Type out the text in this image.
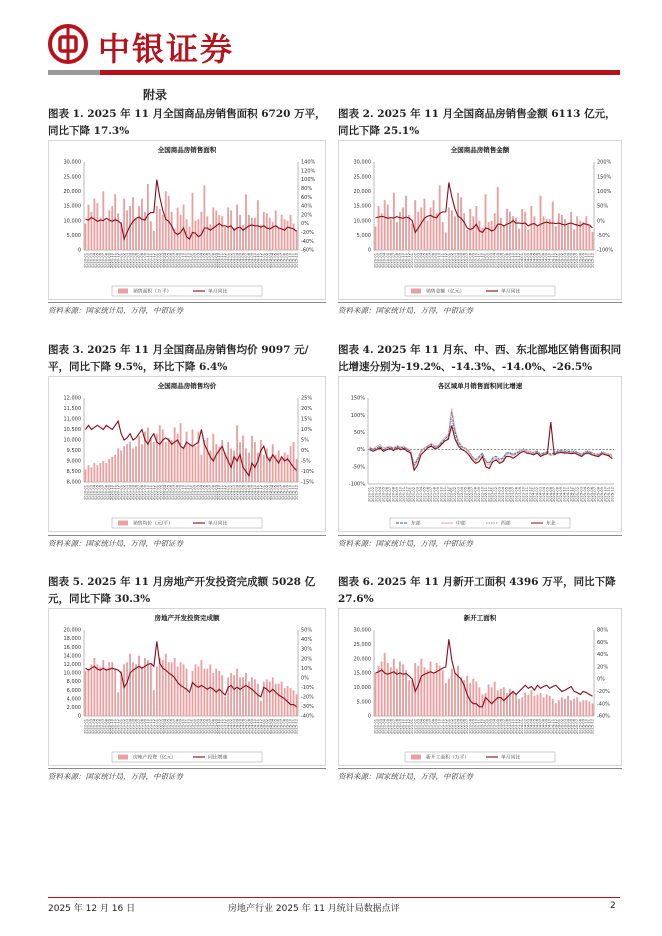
中银证券
附录
图表 1. 2025 年 11 月全国商品房销售面积 6720 万平，同比下降 17.3%
图表 2. 2025 年 11 月全国商品房销售金额 6113 亿元，同比下降 25.1%
图表 3. 2025 年 11 月全国商品房销售均价 9097 元/平，同比下降 9.5%，环比下降 6.4%
图表 4. 2025 年 11 月东、中、西、东北部地区销售面积同比增速分别为-19.2%、-14.3%、-14.0%、-26.5%
图表 5. 2025 年 11 月房地产开发投资完成额 5028 亿元，同比下降 30.3%
图表 6. 2025 年 11 月新开工面积 4396 万平，同比下降 27.6%
全国商品房销售面积
0
5,000
10,000
15,000
20,000
25,000
30,000
-60%
-40%
-20%
0%
20%
40%
60%
80%
100%
120%
140%
2020-01
2020-02
2020-03
2020-04
2020-05
2020-06
2020-07
2020-08
2020-09
2020-10
2020-11
2020-12
2021-01
2021-02
2021-03
2021-04
2021-05
2021-06
2021-07
2021-08
2021-09
2021-10
2021-11
2021-12
2022-01
2022-02
2022-03
2022-04
2022-05
2022-06
2022-07
2022-08
2022-09
2022-10
2022-11
2022-12
2023-01
2023-02
2023-03
2023-04
2023-05
2023-06
2023-07
2023-08
2023-09
2023-10
2023-11
2023-12
2024-01
2024-02
2024-03
2024-04
2024-05
2024-06
2024-07
2024-08
2024-09
2024-10
2024-11
2024-12
2025-01
2025-02
2025-03
2025-04
2025-05
2025-06
2025-07
2025-08
2025-09
2025-10
2025-11
2025-12
销售面积（万平）	单月同比
全国商品房销售金额
0
5,000
10,000
15,000
20,000
25,000
30,000
-100%
-50%
0%
50%
100%
150%
200%
2020-01 2020-02 2020-03 2020-04 2020-05 2020-06 2020-07 2020-08 2020-09 2020-10 2020-11 2020-12 2021-01 2021-02 2021-03 2021-04 2021-05 2021-06 2021-07 2021-08 2021-09 2021-10 2021-11 2021-12 2022-01 2022-02 2022-03 2022-04 2022-05 2022-06 2022-07 2022-08 2022-09 2022-10 2022-11 2022-12 2023-01 2023-02 2023-03 2023-04 2023-05 2023-06 2023-07 2023-08 2023-09 2023-10 2023-11 2023-12 2024-01 2024-02 2024-03 2024-04 2024-05 2024-06 2024-07 2024-08 2024-09 2024-10 2024-11 2024-12 2025-01 2025-02 2025-03 2025-04 2025-05 2025-06 2025-07 2025-08 2025-09 2025-10 2025-11 2025-12
销售金额（亿元）	单月同比
全国商品房销售均价
8,000
8,500
9,000
9,500
10,000
10,500
11,000
11,500
12,000
-15%
-10%
-5%
0%
5%
10%
15%
20%
25%
2020-01
2020-02
2020-03
2020-04
2020-05
2020-06
2020-07
2020-08
2020-09
2020-10
2020-11
2020-12
2021-01
2021-02
2021-03
2021-04
2021-05
2021-06
2021-07
2021-08
2021-09
2021-10
2021-11
2021-12
2022-01
2022-02
2022-03
2022-04
2022-05
2022-06
2022-07
2022-08
2022-09
2022-10
2022-11
2022-12
2023-01
2023-02
2023-03
2023-04
2023-05
2023-06
2023-07
2023-08
2023-09
2023-10
2023-11
2023-12
2024-01
2024-02
2024-03
2024-04
2024-05
2024-06
2024-07
2024-08
2024-09
2024-10
2024-11
2024-12
2025-01
2025-02
2025-03
2025-04
2025-05
2025-06
2025-07
2025-08
2025-09
2025-10
2025-11
2025-12
销售均价（元/平）	单月同比
各区域单月销售面积同比增速
-100%
-50%
0%
50%
100%
150%
2020-01 2020-02 2020-03 2020-04 2020-05 2020-06 2020-07 2020-08 2020-09 2020-10 2020-11 2020-12 2021-01 2021-02 2021-03 2021-04 2021-05 2021-06 2021-07 2021-08 2021-09 2021-10 2021-11 2021-12 2022-01 2022-02 2022-03 2022-04 2022-05 2022-06 2022-07 2022-08 2022-09 2022-10 2022-11 2022-12 2023-01 2023-02 2023-03 2023-04 2023-05 2023-06 2023-07 2023-08 2023-09 2023-10 2023-11 2023-12 2024-01 2024-02 2024-03 2024-04 2024-05 2024-06 2024-07 2024-08 2024-09 2024-10 2024-11 2024-12 2025-01 2025-02 2025-03 2025-04 2025-05 2025-06 2025-07 2025-08 2025-09 2025-10 2025-11 2025-12
东部	中部	西部	东北
房地产开发投资完成额
0
2,000
4,000
6,000
8,000
10,000
12,000
14,000
16,000
18,000
20,000
-40%
-30%
-20%
-10%
0%
10%
20%
30%
40%
50%
2020-01
2020-02
2020-03
2020-04
2020-05
2020-06
2020-07
2020-08
2020-09
2020-10
2020-11
2020-12
2021-01
2021-02
2021-03
2021-04
2021-05
2021-06
2021-07
2021-08
2021-09
2021-10
2021-11
2021-12
2022-01
2022-02
2022-03
2022-04
2022-05
2022-06
2022-07
2022-08
2022-09
2022-10
2022-11
2022-12
2023-01
2023-02
2023-03
2023-04
2023-05
2023-06
2023-07
2023-08
2023-09
2023-10
2023-11
2023-12
2024-01
2024-02
2024-03
2024-04
2024-05
2024-06
2024-07
2024-08
2024-09
2024-10
2024-11
2024-12
2025-01
2025-02
2025-03
2025-04
2025-05
2025-06
2025-07
2025-08
2025-09
2025-10
2025-11
2025-12
房地产投资（亿元）	同比增速
新开工面积
0
5,000
10,000
15,000
20,000
25,000
30,000
-60%
-40%
-20%
0%
20%
40%
60%
80%
2020-01 2020-02 2020-03 2020-04 2020-05 2020-06 2020-07 2020-08 2020-09 2020-10 2020-11 2020-12 2021-01 2021-02 2021-03 2021-04 2021-05 2021-06 2021-07 2021-08 2021-09 2021-10 2021-11 2021-12 2022-01 2022-02 2022-03 2022-04 2022-05 2022-06 2022-07 2022-08 2022-09 2022-10 2022-11 2022-12 2023-01 2023-02 2023-03 2023-04 2023-05 2023-06 2023-07 2023-08 2023-09 2023-10 2023-11 2023-12 2024-01 2024-02 2024-03 2024-04 2024-05 2024-06 2024-07 2024-08 2024-09 2024-10 2024-11 2024-12 2025-01 2025-02 2025-03 2025-04 2025-05 2025-06 2025-07 2025-08 2025-09 2025-10 2025-11 2025-12
新开工面积（万平）	单月同比
资料来源：国家统计局，万得，中银证券	资料来源：国家统计局，万得，中银证券
资料来源：国家统计局，万得，中银证券	资料来源：国家统计局，万得，中银证券
资料来源：国家统计局，万得，中银证券	资料来源：国家统计局，万得，中银证券
2025 年 12 月 16 日	房地产行业 2025 年 11 月统计局数据点评	2
